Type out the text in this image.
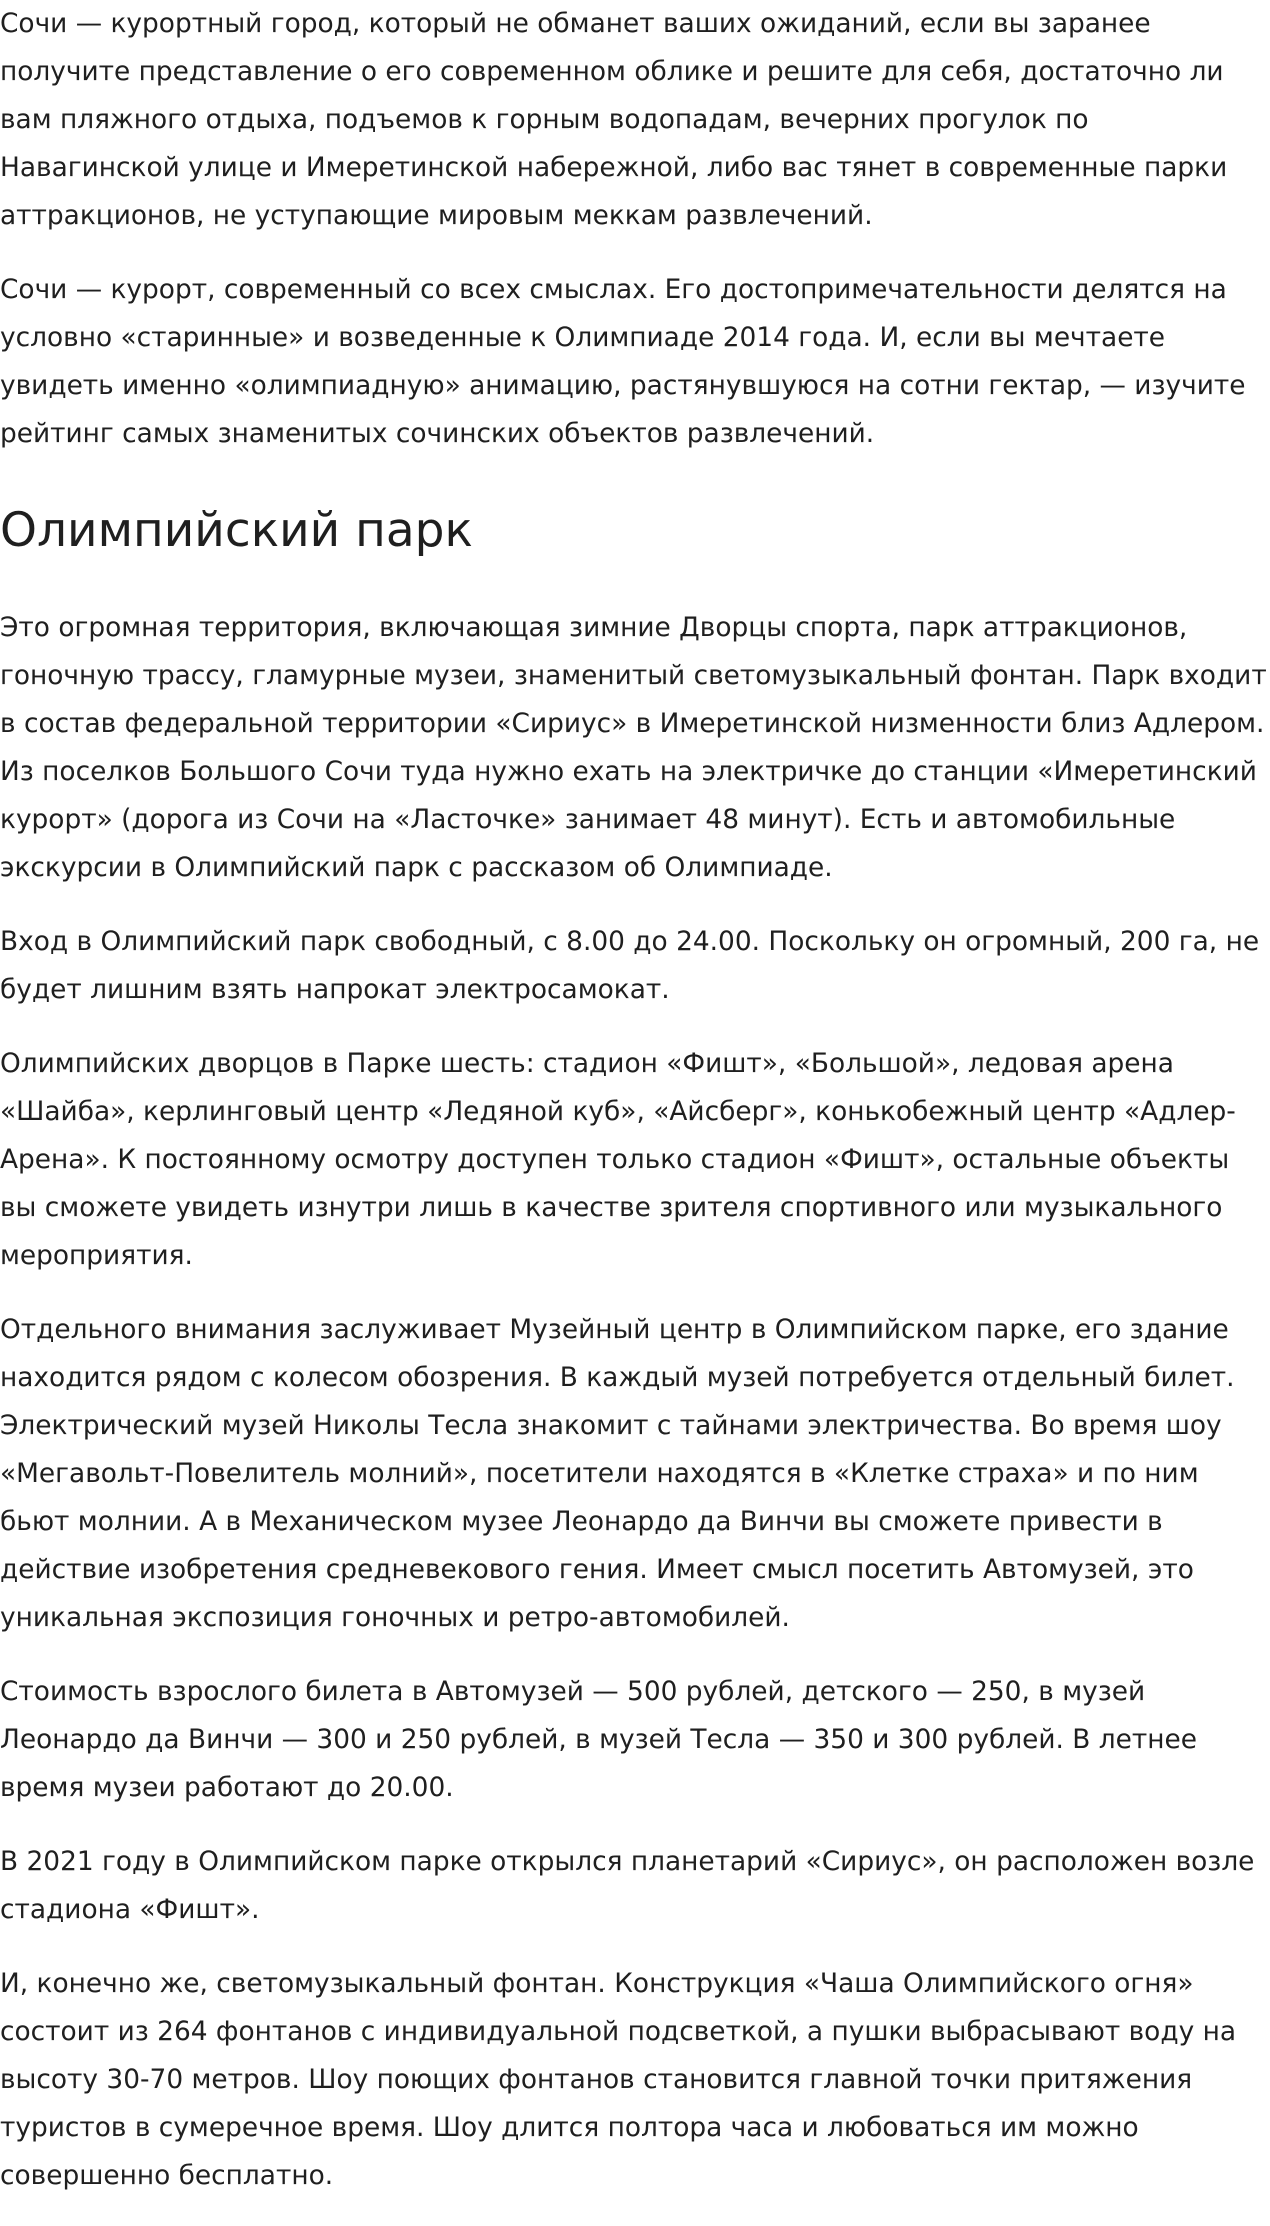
Сочи — курортный город, который не обманет ваших ожиданий, если вы заранее получите представление о его современном облике и решите для себя, достаточно ли вам пляжного отдыха, подъемов к горным водопадам, вечерних прогулок по Навагинской улице и Имеретинской набережной, либо вас тянет в современные парки аттракционов, не уступающие мировым меккам развлечений.

Сочи — курорт, современный со всех смыслах. Его достопримечательности делятся на условно «старинные» и возведенные к Олимпиаде 2014 года. И, если вы мечтаете увидеть именно «олимпиадную» анимацию, растянувшуюся на сотни гектар, — изучите рейтинг самых знаменитых сочинских объектов развлечений.

Олимпийский парк

Это огромная территория, включающая зимние Дворцы спорта, парк аттракционов, гоночную трассу, гламурные музеи, знаменитый светомузыкальный фонтан. Парк входит в состав федеральной территории «Сириус» в Имеретинской низменности близ Адлером. Из поселков Большого Сочи туда нужно ехать на электричке до станции «Имеретинский курорт» (дорога из Сочи на «Ласточке» занимает 48 минут). Есть и автомобильные экскурсии в Олимпийский парк с рассказом об Олимпиаде.

Вход в Олимпийский парк свободный, с 8.00 до 24.00. Поскольку он огромный, 200 га, не будет лишним взять напрокат электросамокат.

Олимпийских дворцов в Парке шесть: стадион «Фишт», «Большой», ледовая арена «Шайба», керлинговый центр «Ледяной куб», «Айсберг», конькобежный центр «Адлер-Арена». К постоянному осмотру доступен только стадион «Фишт», остальные объекты вы сможете увидеть изнутри лишь в качестве зрителя спортивного или музыкального мероприятия.

Отдельного внимания заслуживает Музейный центр в Олимпийском парке, его здание находится рядом с колесом обозрения. В каждый музей потребуется отдельный билет. Электрический музей Николы Тесла знакомит с тайнами электричества. Во время шоу «Мегавольт-Повелитель молний», посетители находятся в «Клетке страха» и по ним бьют молнии. А в Механическом музее Леонардо да Винчи вы сможете привести в действие изобретения средневекового гения. Имеет смысл посетить Автомузей, это уникальная экспозиция гоночных и ретро-автомобилей.

Стоимость взрослого билета в Автомузей — 500 рублей, детского — 250, в музей Леонардо да Винчи — 300 и 250 рублей, в музей Тесла — 350 и 300 рублей. В летнее время музеи работают до 20.00.

В 2021 году в Олимпийском парке открылся планетарий «Сириус», он расположен возле стадиона «Фишт».

И, конечно же, светомузыкальный фонтан. Конструкция «Чаша Олимпийского огня» состоит из 264 фонтанов с индивидуальной подсветкой, а пушки выбрасывают воду на высоту 30-70 метров. Шоу поющих фонтанов становится главной точки притяжения туристов в сумеречное время. Шоу длится полтора часа и любоваться им можно совершенно бесплатно.
